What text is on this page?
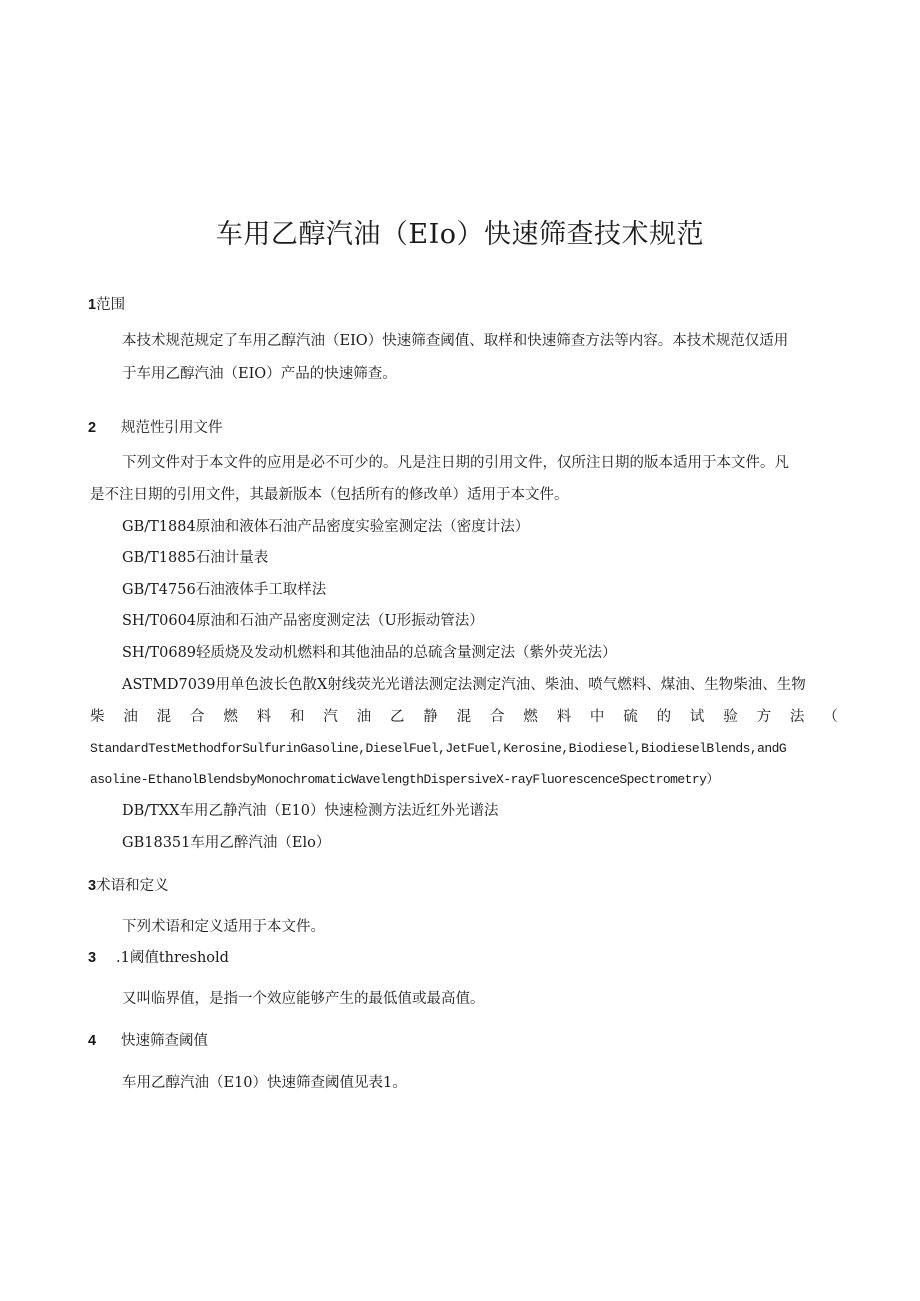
车用乙醇汽油（EIo）快速筛查技术规范
1范围

本技术规范规定了车用乙醇汽油（EIO）快速筛查阈值、取样和快速筛查方法等内容。本技术规范仅适用

于车用乙醇汽油（EIO）产品的快速筛查。

2 规范性引用文件

下列文件对于本文件的应用是必不可少的。凡是注日期的引用文件，仅所注日期的版本适用于本文件。凡

是不注日期的引用文件，其最新版本（包括所有的修改单）适用于本文件。

GB/T1884原油和液体石油产品密度实验室测定法（密度计法）

GB/T1885石油计量表

GB/T4756石油液体手工取样法

SH/T0604原油和石油产品密度测定法（U形振动管法）

SH/T0689轻质烧及发动机燃料和其他油品的总硫含量测定法（紫外荧光法）

ΑSTMD7039用单色波长色散X射线荧光光谱法测定法测定汽油、柴油、喷气燃料、煤油、生物柴油、生物

柴 油 混 合 燃 料 和 汽 油 乙 静 混 合 燃 料 中 硫 的 试 验 方 法 （

StandardTestMethodforSulfurinGasoline,DieselFuel,JetFuel,Kerosine,Biodiesel,BiodieselBlends,andG

asoline-EthanolBlendsbyMonochromaticWavelengthDispersiveX-rayFluorescenceSpectrometry）

DB/TXX车用乙静汽油（E10）快速检测方法近红外光谱法

GB18351车用乙醉汽油（Elo）

3术语和定义

下列术语和定义适用于本文件。

3 .1阈值threshold

又叫临界值，是指一个效应能够产生的最低值或最高值。

4 快速筛查阈值

车用乙醇汽油（E10）快速筛查阈值见表1。
